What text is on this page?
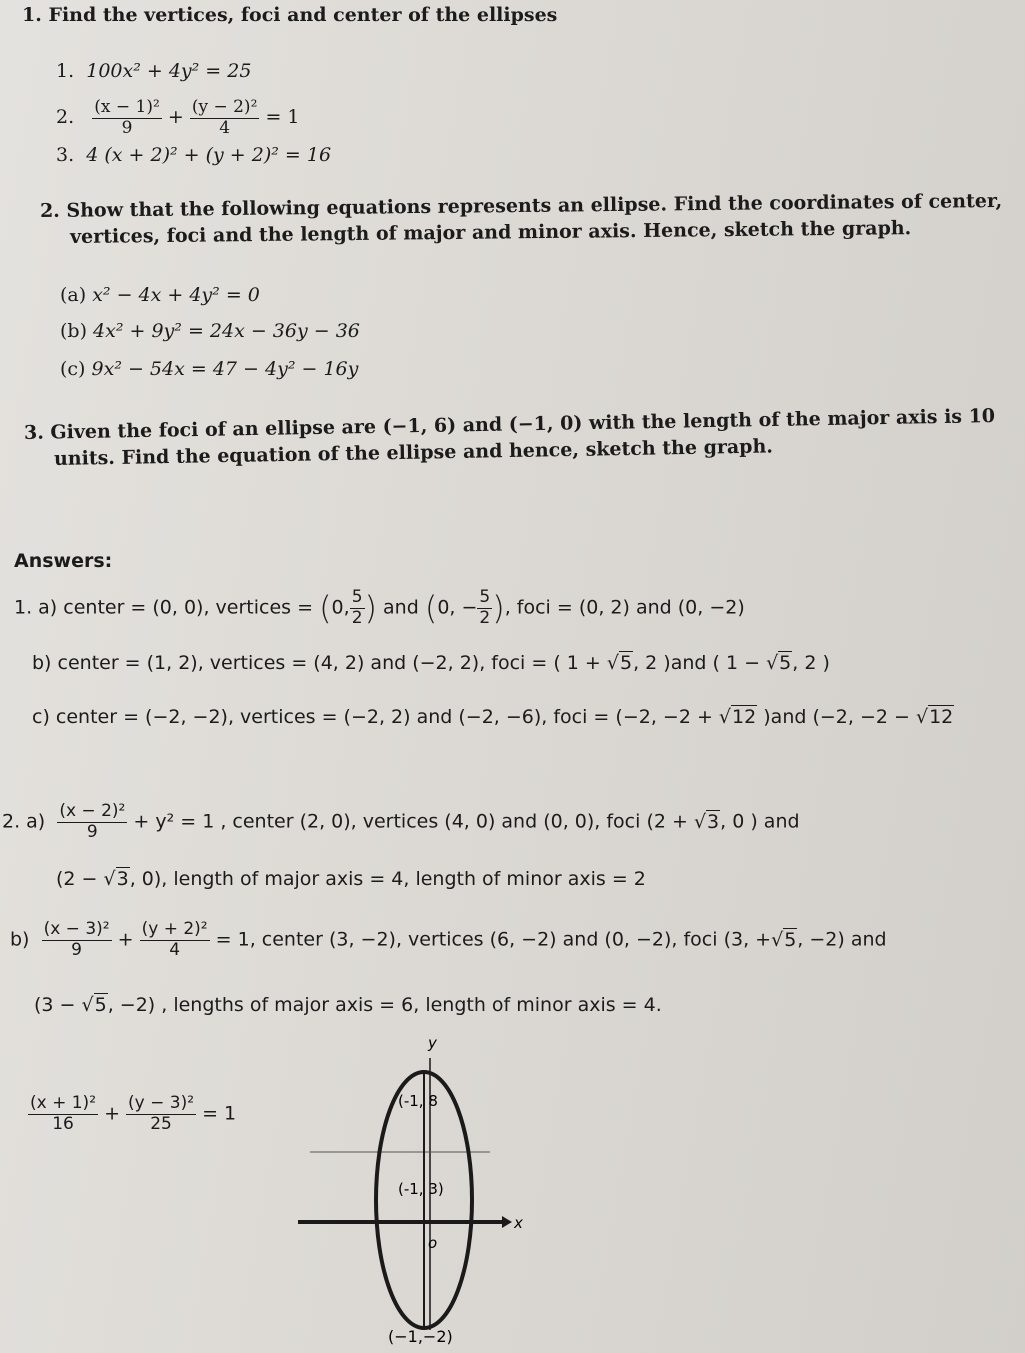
1. Find the vertices, foci and center of the ellipses
1. 100x² + 4y² = 25
2. $\frac{\text{(x − 1)²}}{9} + \frac{\text{(y − 2)²}}{4} = 1$
3. 4 (x + 2)² + (y + 2)² = 16
2. Show that the following equations represents an ellipse. Find the coordinates of center,
vertices, foci and the length of major and minor axis. Hence, sketch the graph.
(a) x² − 4x + 4y² = 0
(b) 4x² + 9y² = 24x − 36y − 36
(c) 9x² − 54x = 47 − 4y² − 16y
3. Given the foci of an ellipse are (−1, 6) and (−1, 0) with the length of the major axis is 10
units. Find the equation of the ellipse and hence, sketch the graph.
Answers:
1. a) center = (0, 0), vertices = (0, $\frac{5}{2}$ ) and (0, − $\frac{5}{2}$ ), foci = (0, 2) and (0, −2)
b) center = (1, 2), vertices = (4, 2) and (−2, 2), foci = ( 1 + √5, 2 )and ( 1 − √5, 2 )
c) center = (−2, −2), vertices = (−2, 2) and (−2, −6), foci = (−2, −2 + √12 )and (−2, −2 − √12
2. $a) \frac{\text{(x − 2)²}}{9} + y^2 = 1$ , center (2, 0), vertices (4, 0) and (0, 0), foci (2 + √3, 0 ) and
(2 − √3, 0), length of major axis = 4, length of minor axis = 2
$b) \frac{\text{(x − 3)²}}{9} + \frac{\text{(y + 2)²}}{4} = 1$, center (3, −2), vertices (6, −2) and (0, −2), foci (3, +√5, −2) and
(3 − √5, −2) , lengths of major axis = 6, length of minor axis = 4.
$\frac{\text{(x + 1)²}}{16} + \frac{\text{(y − 3)²}}{25} = 1$
y
x
(-1, 8
(-1, 3)
o
(−1,−2)
